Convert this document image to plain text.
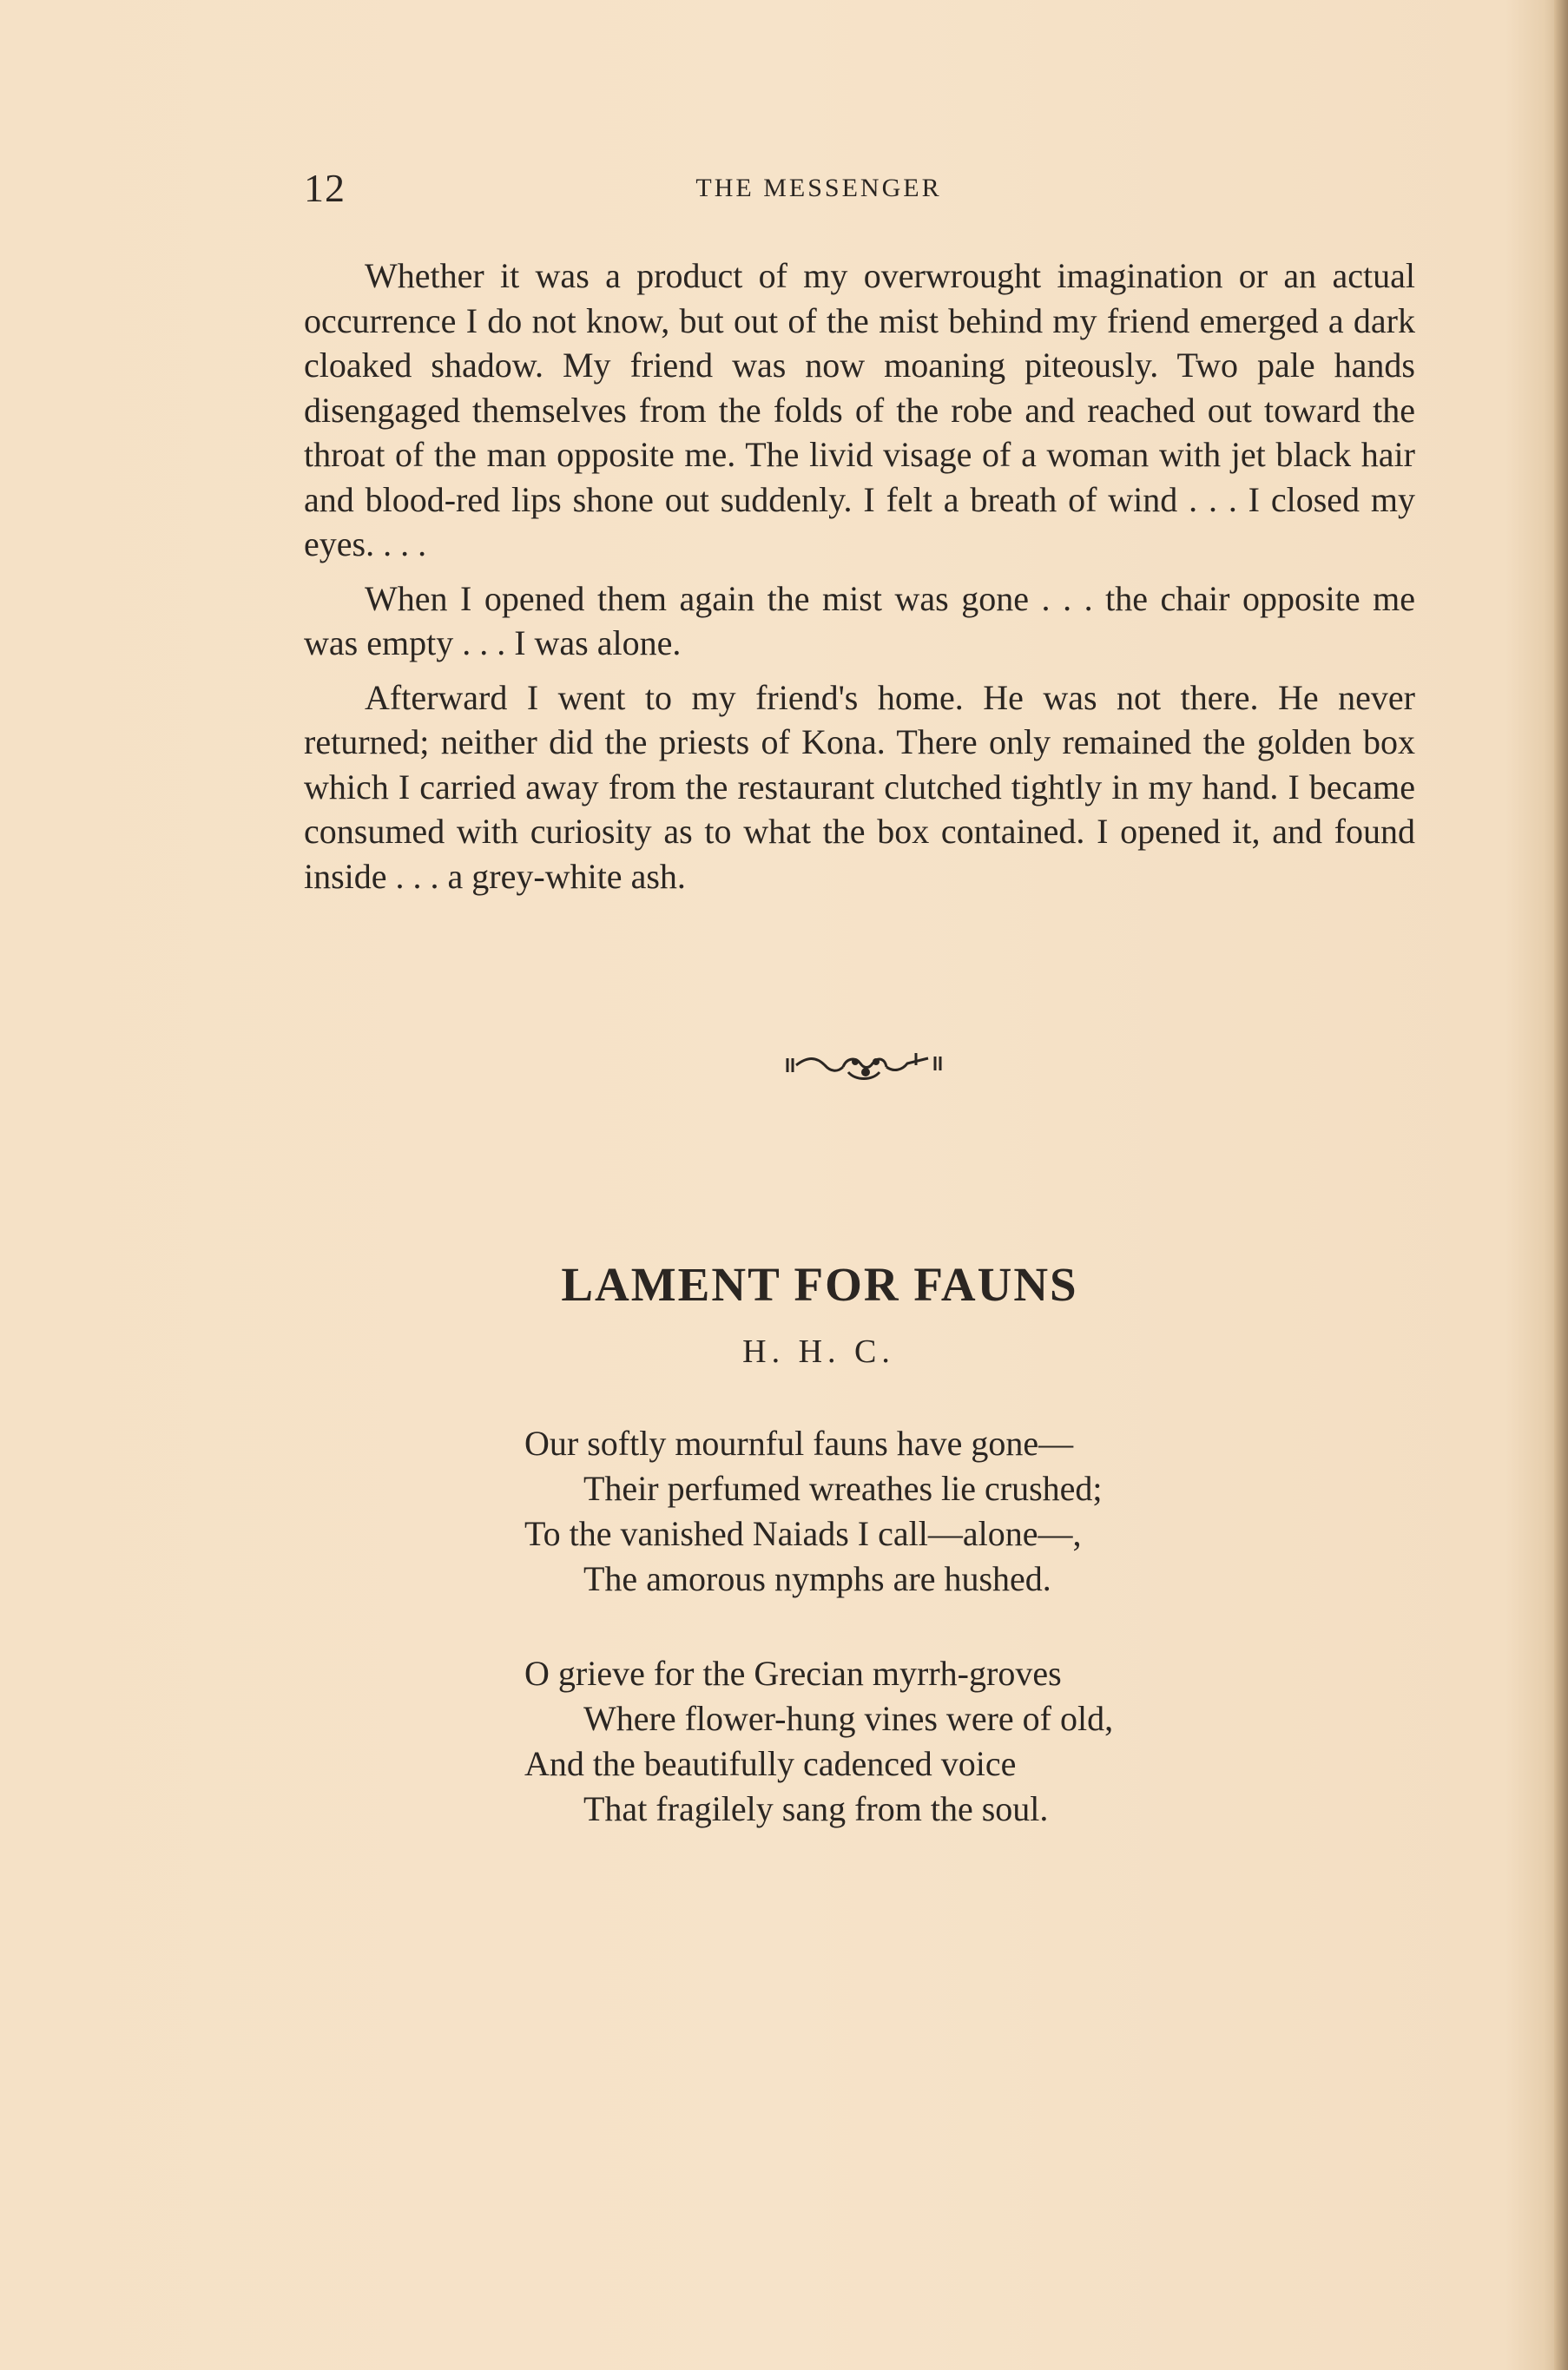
12	THE MESSENGER

Whether it was a product of my overwrought imagination or an actual occurrence I do not know, but out of the mist behind my friend emerged a dark cloaked shadow. My friend was now moaning piteously. Two pale hands disengaged themselves from the folds of the robe and reached out toward the throat of the man opposite me. The livid visage of a woman with jet black hair and blood-red lips shone out suddenly. I felt a breath of wind . . . I closed my eyes. . . .

When I opened them again the mist was gone . . . the chair opposite me was empty . . . I was alone.

Afterward I went to my friend's home. He was not there. He never returned; neither did the priests of Kona. There only remained the golden box which I carried away from the restaurant clutched tightly in my hand. I became consumed with curiosity as to what the box contained. I opened it, and found inside . . . a grey-white ash.

LAMENT FOR FAUNS
H. H. C.
Our softly mournful fauns have gone—
Their perfumed wreathes lie crushed;
To the vanished Naiads I call—alone—,
The amorous nymphs are hushed.
O grieve for the Grecian myrrh-groves
Where flower-hung vines were of old,
And the beautifully cadenced voice
That fragilely sang from the soul.
